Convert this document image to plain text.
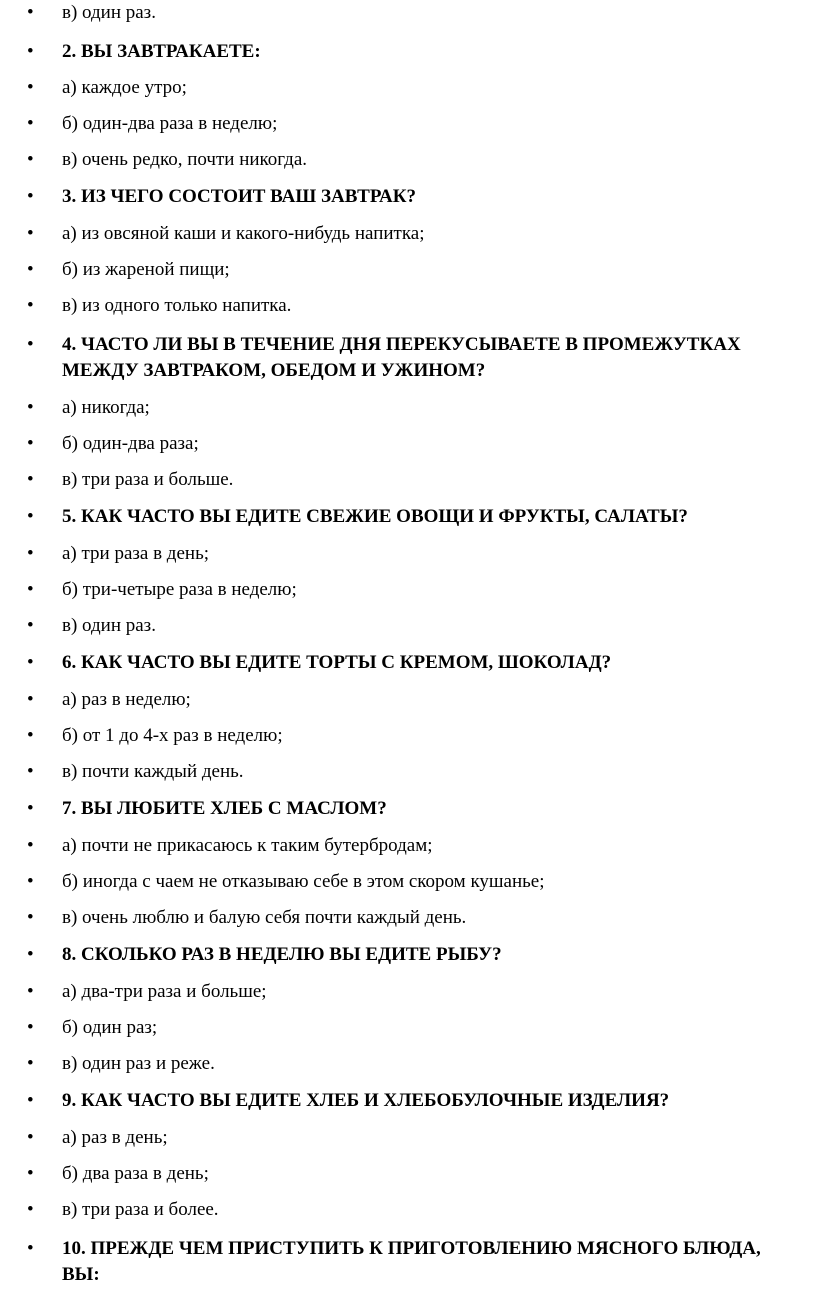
• в) один раз.
• 2. ВЫ ЗАВТРАКАЕТЕ:
• а) каждое утро;
• б) один-два раза в неделю;
• в) очень редко, почти никогда.
• 3. ИЗ ЧЕГО СОСТОИТ ВАШ ЗАВТРАК?
• а) из овсяной каши и какого-нибудь напитка;
• б) из жареной пищи;
• в) из одного только напитка.
• 4. ЧАСТО ЛИ ВЫ В ТЕЧЕНИЕ ДНЯ ПЕРЕКУСЫВАЕТЕ В ПРОМЕЖУТКАХ МЕЖДУ ЗАВТРАКОМ, ОБЕДОМ И УЖИНОМ?
• а) никогда;
• б) один-два раза;
• в) три раза и больше.
• 5. КАК ЧАСТО ВЫ ЕДИТЕ СВЕЖИЕ ОВОЩИ И ФРУКТЫ, САЛАТЫ?
• а) три раза в день;
• б) три-четыре раза в неделю;
• в) один раз.
• 6. КАК ЧАСТО ВЫ ЕДИТЕ ТОРТЫ С КРЕМОМ, ШОКОЛАД?
• а) раз в неделю;
• б) от 1 до 4-х раз в неделю;
• в) почти каждый день.
• 7. ВЫ ЛЮБИТЕ ХЛЕБ С МАСЛОМ?
• а) почти не прикасаюсь к таким бутербродам;
• б) иногда с чаем не отказываю себе в этом скором кушанье;
• в) очень люблю и балую себя почти каждый день.
• 8. СКОЛЬКО РАЗ В НЕДЕЛЮ ВЫ ЕДИТЕ РЫБУ?
• а) два-три раза и больше;
• б) один раз;
• в) один раз и реже.
• 9. КАК ЧАСТО ВЫ ЕДИТЕ ХЛЕБ И ХЛЕБОБУЛОЧНЫЕ ИЗДЕЛИЯ?
• а) раз в день;
• б) два раза в день;
• в) три раза и более.
• 10. ПРЕЖДЕ ЧЕМ ПРИСТУПИТЬ К ПРИГОТОВЛЕНИЮ МЯСНОГО БЛЮДА, ВЫ:
